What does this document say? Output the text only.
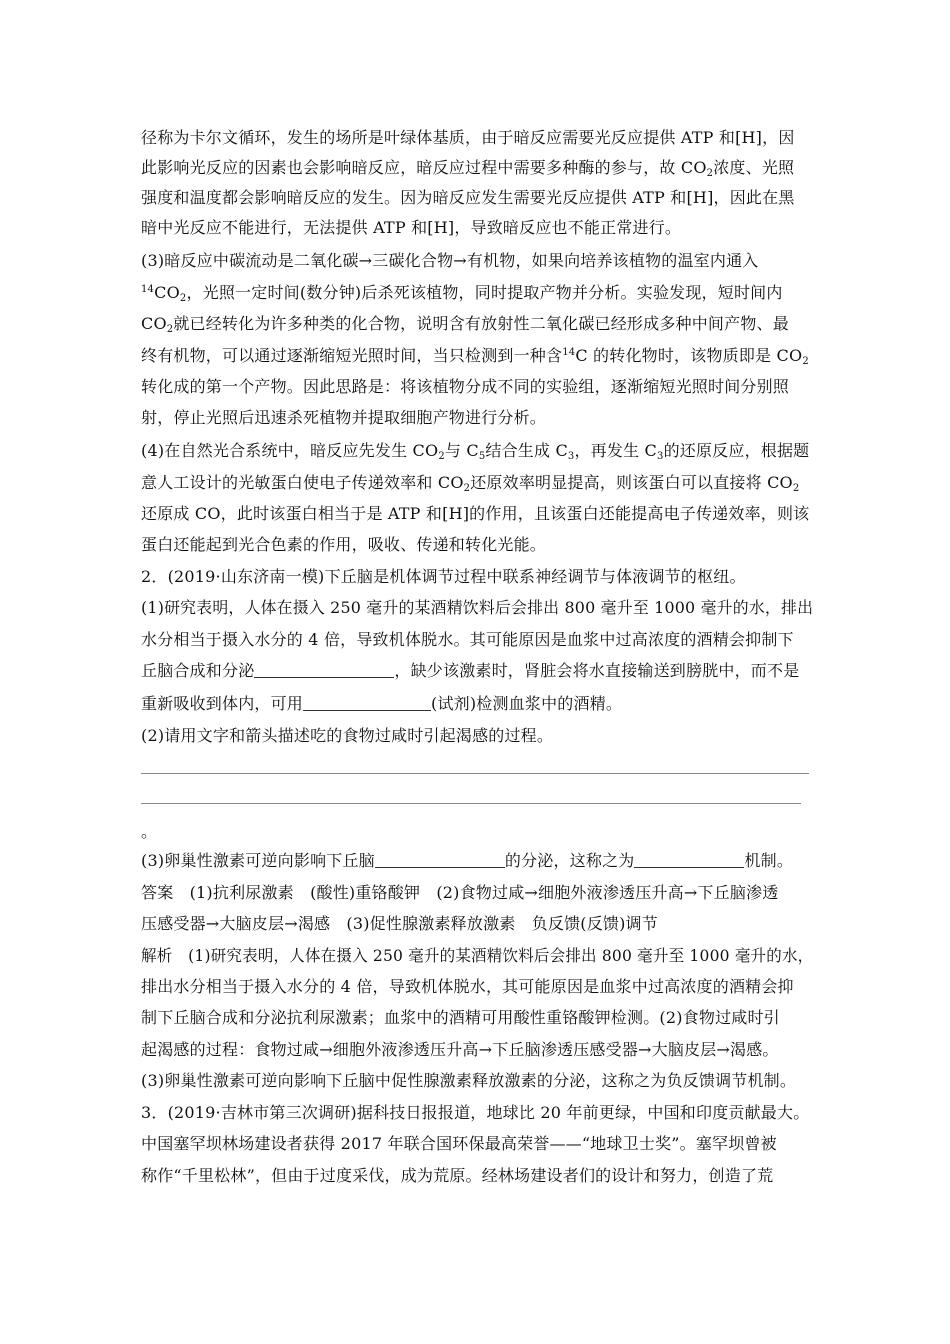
径称为卡尔文循环，发生的场所是叶绿体基质，由于暗反应需要光反应提供 ATP 和[H]，因
此影响光反应的因素也会影响暗反应，暗反应过程中需要多种酶的参与，故 $CO_2$浓度、光照
强度和温度都会影响暗反应的发生。因为暗反应发生需要光反应提供 ATP 和[H]，因此在黑
暗中光反应不能进行，无法提供 ATP 和[H]，导致暗反应也不能正常进行。
(3)暗反应中碳流动是二氧化碳→三碳化合物→有机物，如果向培养该植物的温室内通入
$^{14}CO_2$，光照一定时间(数分钟)后杀死该植物，同时提取产物并分析。实验发现，短时间内
$CO_2$就已经转化为许多种类的化合物，说明含有放射性二氧化碳已经形成多种中间产物、最
终有机物，可以通过逐渐缩短光照时间，当只检测到一种含$^{14}$C 的转化物时，该物质即是 $CO_2$
转化成的第一个产物。因此思路是：将该植物分成不同的实验组，逐渐缩短光照时间分别照
射，停止光照后迅速杀死植物并提取细胞产物进行分析。
(4)在自然光合系统中，暗反应先发生 $CO_2$与 $C_5$结合生成 $C_3$，再发生 $C_3$的还原反应，根据题
意人工设计的光敏蛋白使电子传递效率和 $CO_2$还原效率明显提高，则该蛋白可以直接将 $CO_2$
还原成 CO，此时该蛋白相当于是 ATP 和[H]的作用，且该蛋白还能提高电子传递效率，则该
蛋白还能起到光合色素的作用，吸收、传递和转化光能。
2．(2019·山东济南一模)下丘脑是机体调节过程中联系神经调节与体液调节的枢纽。
(1)研究表明，人体在摄入 250 毫升的某酒精饮料后会排出 800 毫升至 1000 毫升的水，排出
水分相当于摄入水分的 4 倍，导致机体脱水。其可能原因是血浆中过高浓度的酒精会抑制下
丘脑合成和分泌	，缺少该激素时，肾脏会将水直接输送到膀胱中，而不是
重新吸收到体内，可用	(试剂)检测血浆中的酒精。
(2)请用文字和箭头描述吃的食物过咸时引起渴感的过程。
。
(3)卵巢性激素可逆向影响下丘脑	的分泌，这称之为	机制。
答案　(1)抗利尿激素　(酸性)重铬酸钾　(2)食物过咸→细胞外液渗透压升高→下丘脑渗透
压感受器→大脑皮层→渴感　(3)促性腺激素释放激素　负反馈(反馈)调节
解析　(1)研究表明，人体在摄入 250 毫升的某酒精饮料后会排出 800 毫升至 1000 毫升的水，
排出水分相当于摄入水分的 4 倍，导致机体脱水，其可能原因是血浆中过高浓度的酒精会抑
制下丘脑合成和分泌抗利尿激素；血浆中的酒精可用酸性重铬酸钾检测。(2)食物过咸时引
起渴感的过程：食物过咸→细胞外液渗透压升高→下丘脑渗透压感受器→大脑皮层→渴感。
(3)卵巢性激素可逆向影响下丘脑中促性腺激素释放激素的分泌，这称之为负反馈调节机制。
3．(2019·吉林市第三次调研)据科技日报报道，地球比 20 年前更绿，中国和印度贡献最大。
中国塞罕坝林场建设者获得 2017 年联合国环保最高荣誉——“地球卫士奖”。塞罕坝曾被
称作“千里松林”，但由于过度采伐，成为荒原。经林场建设者们的设计和努力，创造了荒
